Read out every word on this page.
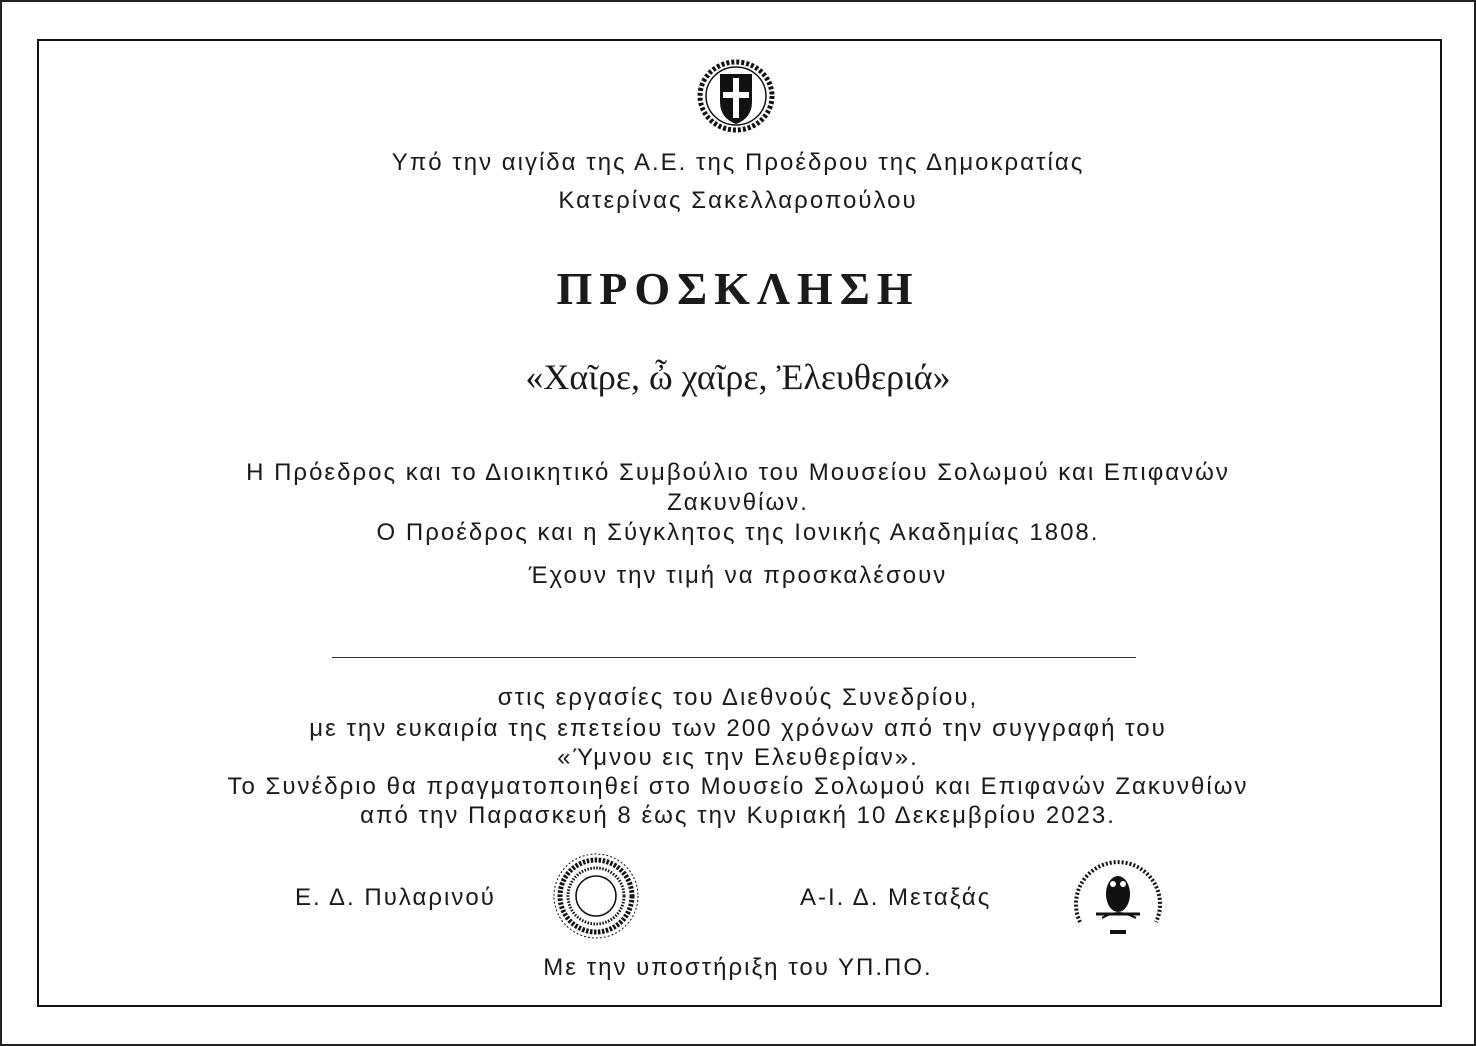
Υπό την αιγίδα της Α.Ε. της Προέδρου της Δημοκρατίας
Κατερίνας Σακελλαροπούλου
ΠΡΟΣΚΛΗΣΗ
«Χαῖρε, ὦ χαῖρε, Ἐλευθεριά»
Η Πρόεδρος και το Διοικητικό Συμβούλιο του Μουσείου Σολωμού και Επιφανών
Ζακυνθίων.
Ο Προέδρος και η Σύγκλητος της Ιονικής Ακαδημίας 1808.
Έχουν την τιμή να προσκαλέσουν
στις εργασίες του Διεθνούς Συνεδρίου,
με την ευκαιρία της επετείου των 200 χρόνων από την συγγραφή του
«Ύμνου εις την Ελευθερίαν».
Το Συνέδριο θα πραγματοποιηθεί στο Μουσείο Σολωμού και Επιφανών Ζακυνθίων
από την Παρασκευή 8 έως την Κυριακή 10 Δεκεμβρίου 2023.
Ε. Δ. Πυλαρινού	Α-Ι. Δ. Μεταξάς
Με την υποστήριξη του ΥΠ.ΠΟ.
